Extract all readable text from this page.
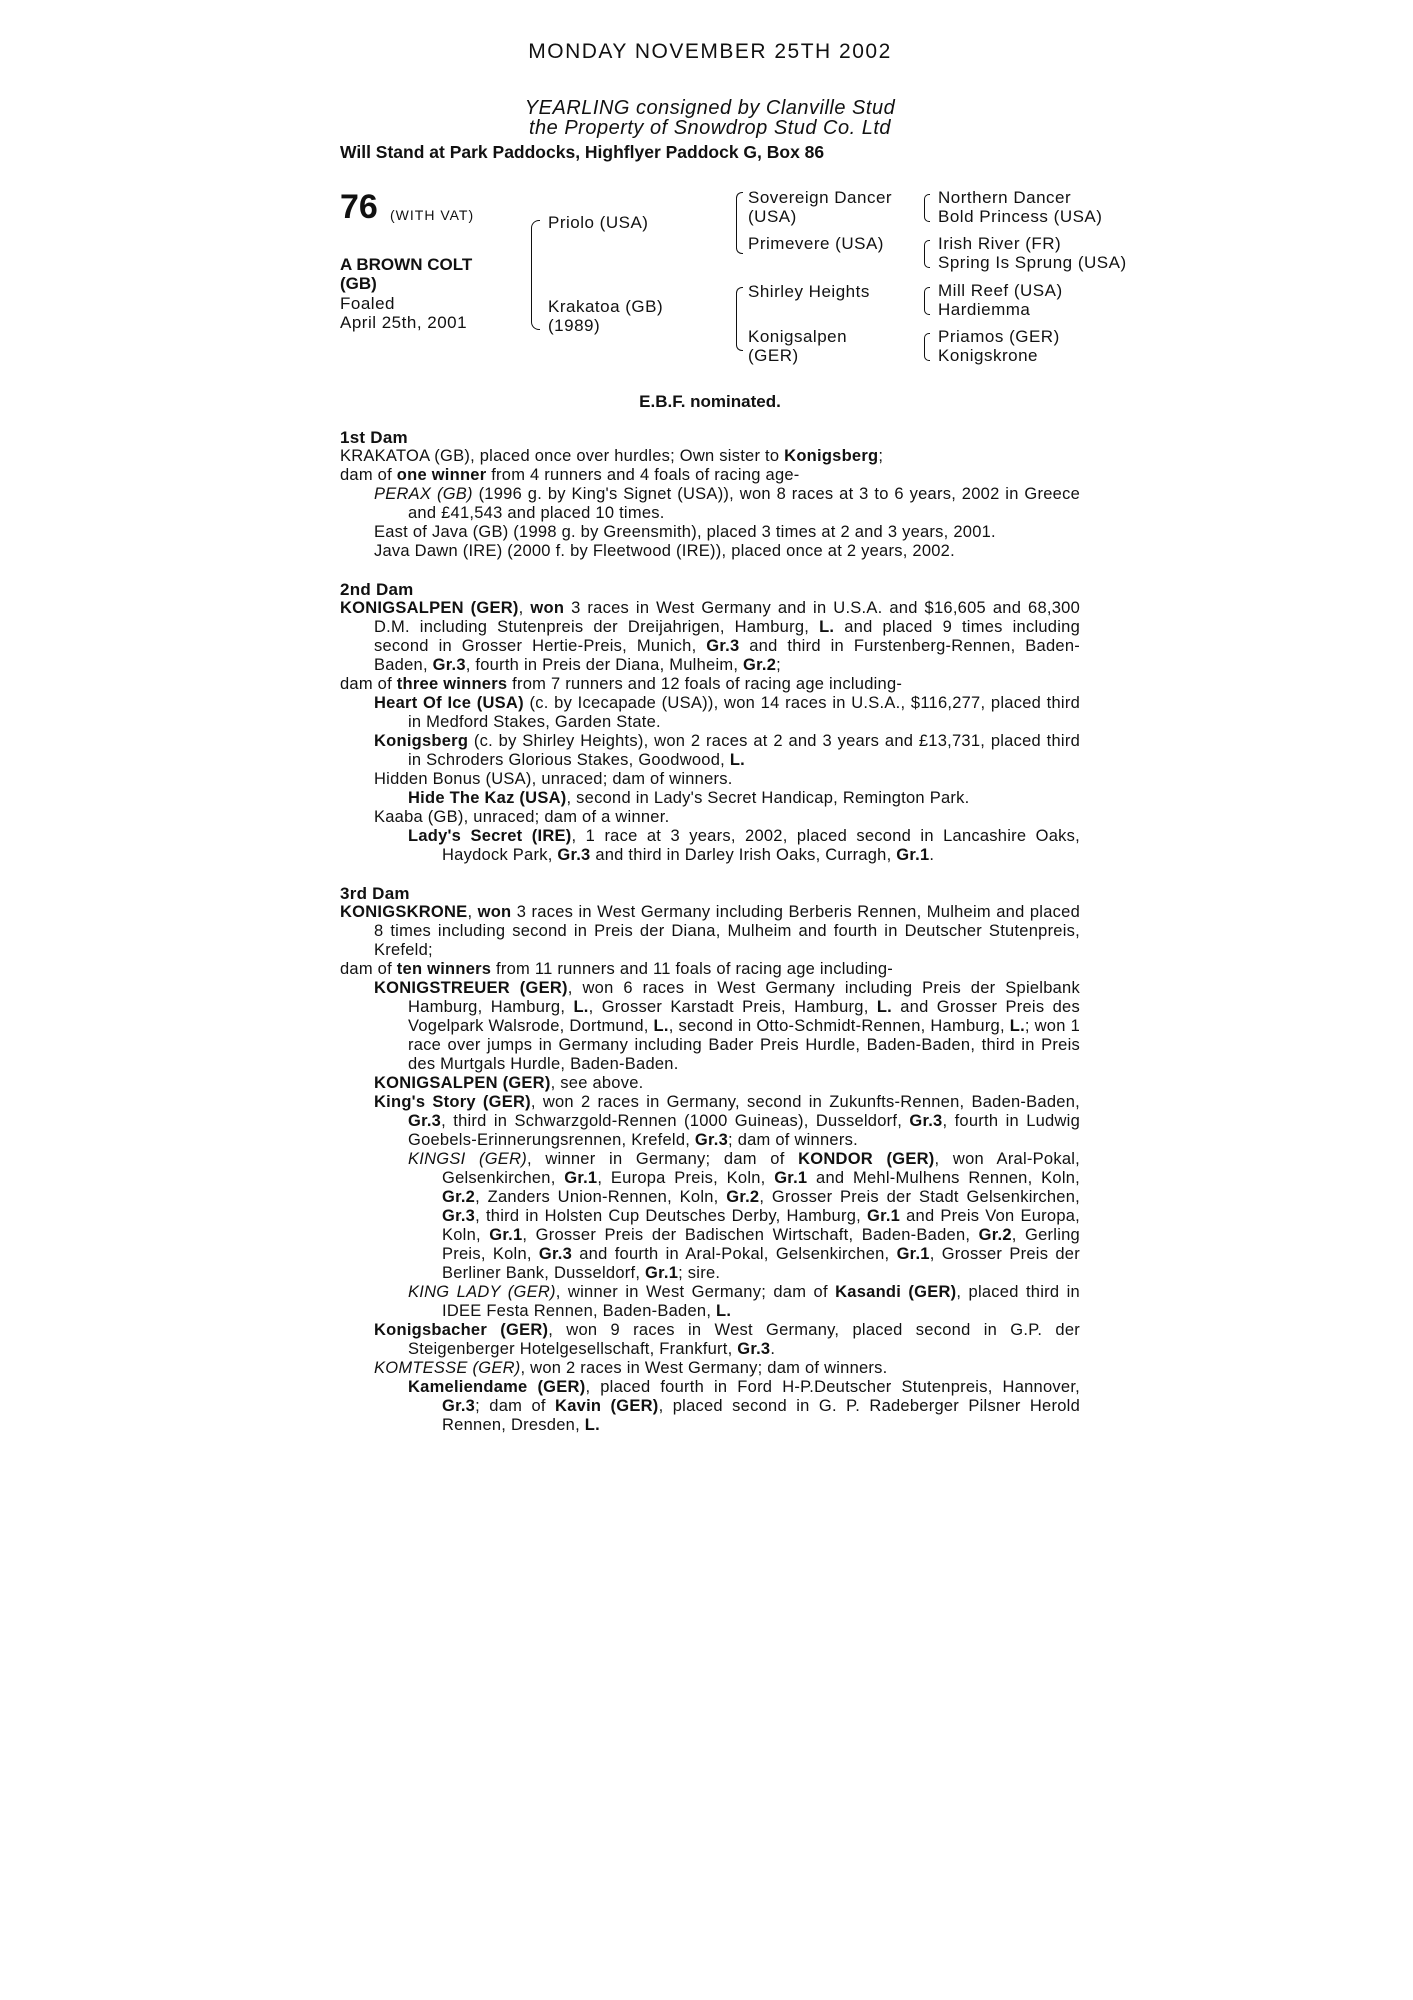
MONDAY NOVEMBER 25TH 2002
YEARLING consigned by Clanville Stud
the Property of Snowdrop Stud Co. Ltd
Will Stand at Park Paddocks, Highflyer Paddock G, Box 86
76 (WITH VAT)
A BROWN COLT
(GB)
Foaled
April 25th, 2001
Priolo (USA)
Krakatoa (GB)
(1989)
Sovereign Dancer
(USA)
Primevere (USA)
Shirley Heights
Konigsalpen
(GER)
Northern Dancer
Bold Princess (USA)
Irish River (FR)
Spring Is Sprung (USA)
Mill Reef (USA)
Hardiemma
Priamos (GER)
Konigskrone
E.B.F. nominated.
1st Dam
KRAKATOA (GB), placed once over hurdles; Own sister to Konigsberg;
dam of one winner from 4 runners and 4 foals of racing age-
PERAX (GB) (1996 g. by King's Signet (USA)), won 8 races at 3 to 6 years, 2002 in Greece and £41,543 and placed 10 times.
East of Java (GB) (1998 g. by Greensmith), placed 3 times at 2 and 3 years, 2001.
Java Dawn (IRE) (2000 f. by Fleetwood (IRE)), placed once at 2 years, 2002.
2nd Dam
KONIGSALPEN (GER), won 3 races in West Germany and in U.S.A. and $16,605 and 68,300 D.M. including Stutenpreis der Dreijahrigen, Hamburg, L. and placed 9 times including second in Grosser Hertie-Preis, Munich, Gr.3 and third in Furstenberg-Rennen, Baden-Baden, Gr.3, fourth in Preis der Diana, Mulheim, Gr.2;
dam of three winners from 7 runners and 12 foals of racing age including-
Heart Of Ice (USA) (c. by Icecapade (USA)), won 14 races in U.S.A., $116,277, placed third in Medford Stakes, Garden State.
Konigsberg (c. by Shirley Heights), won 2 races at 2 and 3 years and £13,731, placed third in Schroders Glorious Stakes, Goodwood, L.
Hidden Bonus (USA), unraced; dam of winners.
Hide The Kaz (USA), second in Lady's Secret Handicap, Remington Park.
Kaaba (GB), unraced; dam of a winner.
Lady's Secret (IRE), 1 race at 3 years, 2002, placed second in Lancashire Oaks, Haydock Park, Gr.3 and third in Darley Irish Oaks, Curragh, Gr.1.
3rd Dam
KONIGSKRONE, won 3 races in West Germany including Berberis Rennen, Mulheim and placed 8 times including second in Preis der Diana, Mulheim and fourth in Deutscher Stutenpreis, Krefeld;
dam of ten winners from 11 runners and 11 foals of racing age including-
KONIGSTREUER (GER), won 6 races in West Germany including Preis der Spielbank Hamburg, Hamburg, L., Grosser Karstadt Preis, Hamburg, L. and Grosser Preis des Vogelpark Walsrode, Dortmund, L., second in Otto-Schmidt-Rennen, Hamburg, L.; won 1 race over jumps in Germany including Bader Preis Hurdle, Baden-Baden, third in Preis des Murtgals Hurdle, Baden-Baden.
KONIGSALPEN (GER), see above.
King's Story (GER), won 2 races in Germany, second in Zukunfts-Rennen, Baden-Baden, Gr.3, third in Schwarzgold-Rennen (1000 Guineas), Dusseldorf, Gr.3, fourth in Ludwig Goebels-Erinnerungsrennen, Krefeld, Gr.3; dam of winners.
KINGSI (GER), winner in Germany; dam of KONDOR (GER), won Aral-Pokal, Gelsenkirchen, Gr.1, Europa Preis, Koln, Gr.1 and Mehl-Mulhens Rennen, Koln, Gr.2, Zanders Union-Rennen, Koln, Gr.2, Grosser Preis der Stadt Gelsenkirchen, Gr.3, third in Holsten Cup Deutsches Derby, Hamburg, Gr.1 and Preis Von Europa, Koln, Gr.1, Grosser Preis der Badischen Wirtschaft, Baden-Baden, Gr.2, Gerling Preis, Koln, Gr.3 and fourth in Aral-Pokal, Gelsenkirchen, Gr.1, Grosser Preis der Berliner Bank, Dusseldorf, Gr.1; sire.
KING LADY (GER), winner in West Germany; dam of Kasandi (GER), placed third in IDEE Festa Rennen, Baden-Baden, L.
Konigsbacher (GER), won 9 races in West Germany, placed second in G.P. der Steigenberger Hotelgesellschaft, Frankfurt, Gr.3.
KOMTESSE (GER), won 2 races in West Germany; dam of winners.
Kameliendame (GER), placed fourth in Ford H-P.Deutscher Stutenpreis, Hannover, Gr.3; dam of Kavin (GER), placed second in G. P. Radeberger Pilsner Herold Rennen, Dresden, L.
